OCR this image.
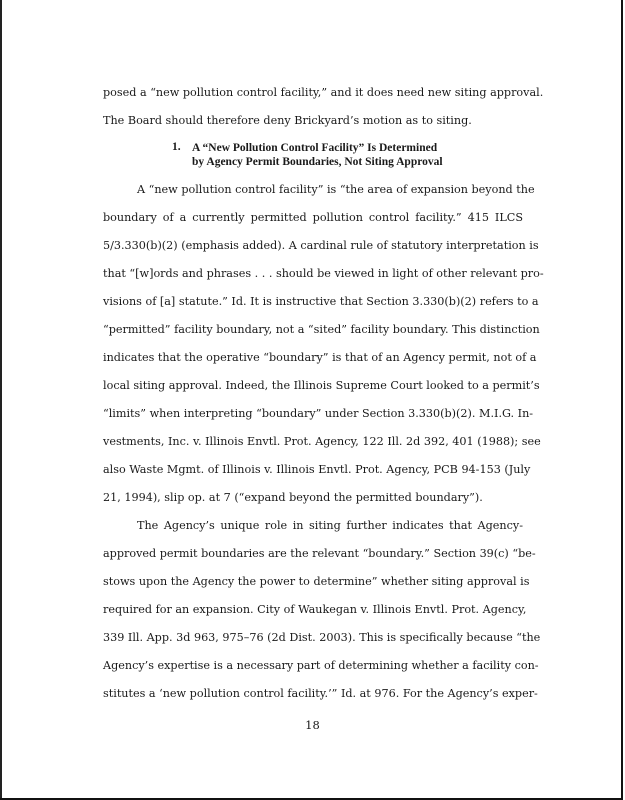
posed a “new pollution control facility,” and it does need new siting approval.
The Board should therefore deny Brickyard’s motion as to siting.
1. A “New Pollution Control Facility” Is Determined
by Agency Permit Boundaries, Not Siting Approval
A “new pollution control facility” is “the area of expansion beyond the
boundary of a currently permitted pollution control facility.” 415 ILCS
5/3.330(b)(2) (emphasis added). A cardinal rule of statutory interpretation is
that “[w]ords and phrases . . . should be viewed in light of other relevant pro-
visions of [a] statute.” Id. It is instructive that Section 3.330(b)(2) refers to a
“permitted” facility boundary, not a “sited” facility boundary. This distinction
indicates that the operative “boundary” is that of an Agency permit, not of a
local siting approval. Indeed, the Illinois Supreme Court looked to a permit’s
“limits” when interpreting “boundary” under Section 3.330(b)(2). M.I.G. In-
vestments, Inc. v. Illinois Envtl. Prot. Agency, 122 Ill. 2d 392, 401 (1988); see
also Waste Mgmt. of Illinois v. Illinois Envtl. Prot. Agency, PCB 94-153 (July
21, 1994), slip op. at 7 (“expand beyond the permitted boundary”).
The Agency’s unique role in siting further indicates that Agency-
approved permit boundaries are the relevant “boundary.” Section 39(c) “be-
stows upon the Agency the power to determine” whether siting approval is
required for an expansion. City of Waukegan v. Illinois Envtl. Prot. Agency,
339 Ill. App. 3d 963, 975–76 (2d Dist. 2003). This is specifically because “the
Agency’s expertise is a necessary part of determining whether a facility con-
stitutes a ‘new pollution control facility.’” Id. at 976. For the Agency’s exper-
18
